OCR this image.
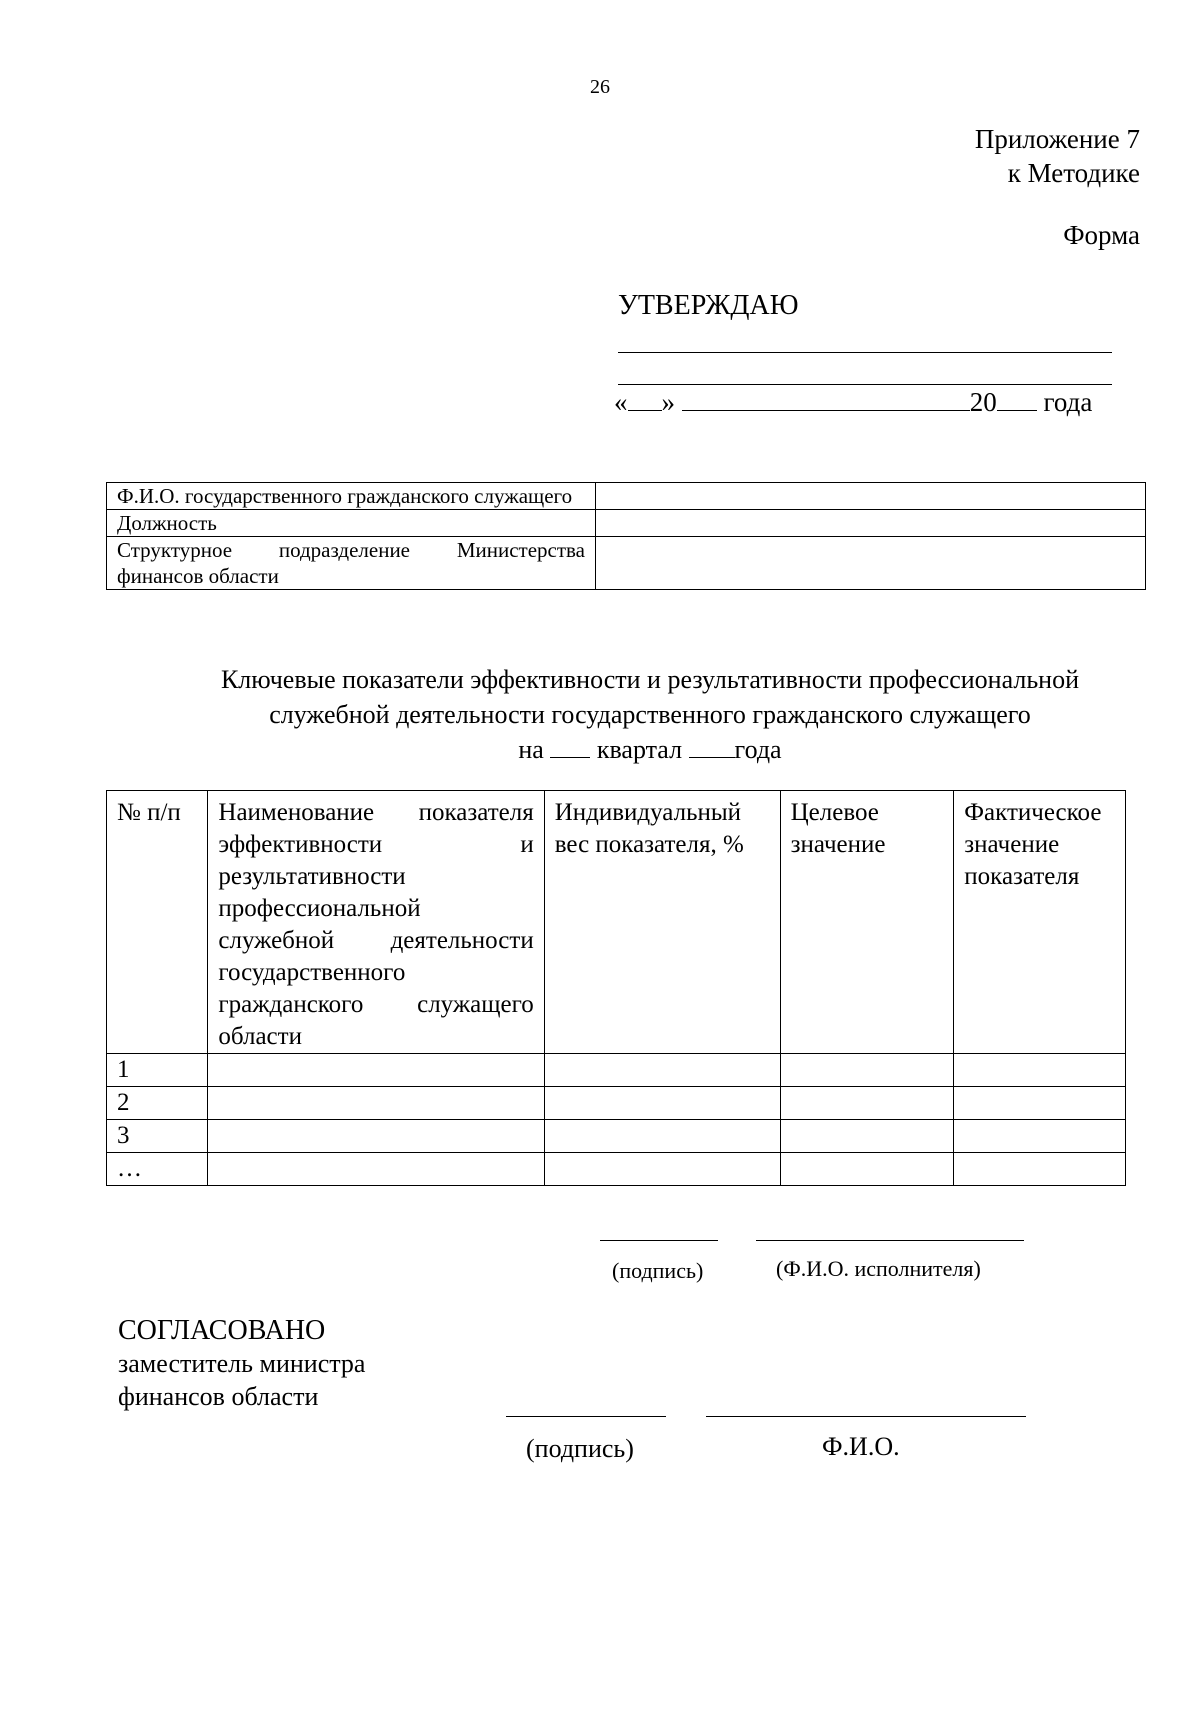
26
Приложение 7
к Методике
Форма
УТВЕРЖДАЮ
« »	20 года
Ф.И.О. государственного гражданского служащего	
Должность	
Структурное подразделение Министерства финансов области	
Ключевые показатели эффективности и результативности профессиональной
служебной деятельности государственного гражданского служащего
на квартал года
№ п/п	Наименование показателя эффективности и результативности профессиональной служебной деятельности государственного гражданского служащего области	Индивидуальный вес показателя, %	Целевое значение	Фактическое значение показателя
1				
2				
3				
…				
(подпись)	(Ф.И.О. исполнителя)
СОГЛАСОВАНО
заместитель министра
финансов области
(подпись)	Ф.И.О.
